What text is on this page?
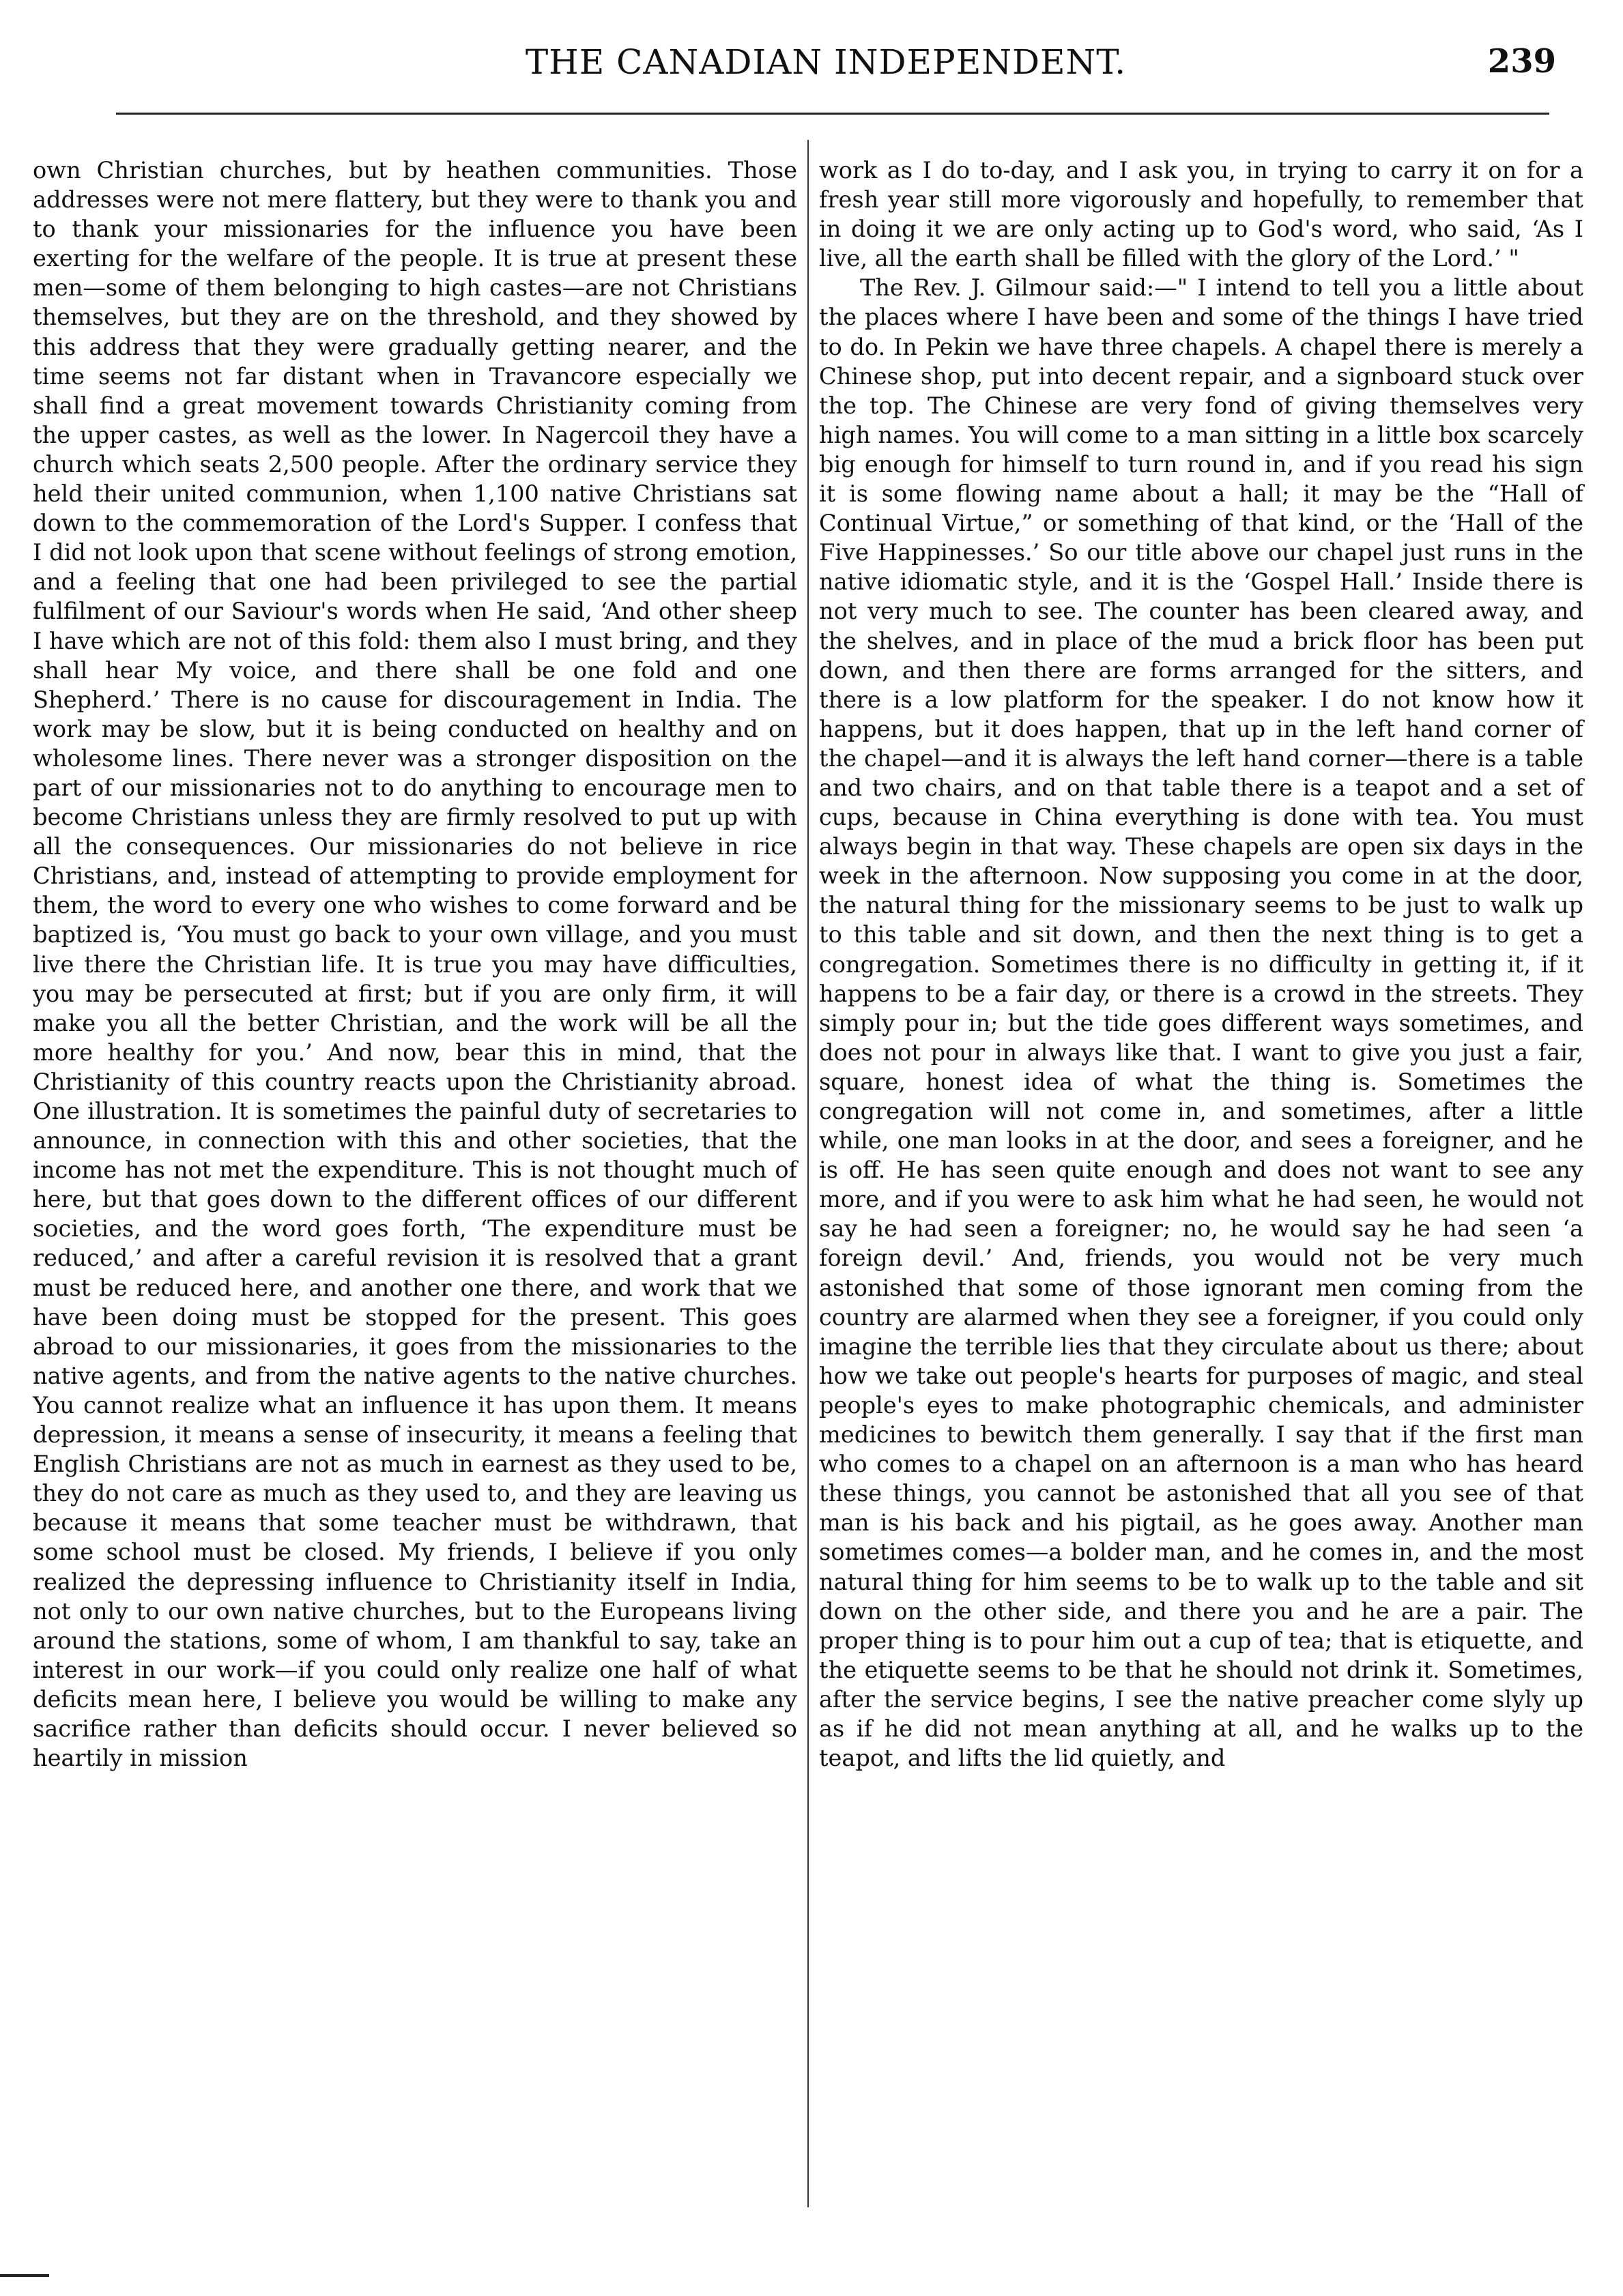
THE CANADIAN INDEPENDENT.	239

own Christian churches, but by heathen communities. Those addresses were not mere flattery, but they were to thank you and to thank your missionaries for the influence you have been exerting for the welfare of the people. It is true at present these men—some of them belonging to high castes—are not Christians themselves, but they are on the threshold, and they showed by this address that they were gradually getting nearer, and the time seems not far distant when in Travancore especially we shall find a great movement towards Christianity coming from the upper castes, as well as the lower. In Nagercoil they have a church which seats 2,500 people. After the ordinary service they held their united communion, when 1,100 native Christians sat down to the commemoration of the Lord's Supper. I confess that I did not look upon that scene without feelings of strong emotion, and a feeling that one had been privileged to see the partial fulfilment of our Saviour's words when He said, ‘And other sheep I have which are not of this fold: them also I must bring, and they shall hear My voice, and there shall be one fold and one Shepherd.’ There is no cause for discouragement in India. The work may be slow, but it is being conducted on healthy and on wholesome lines. There never was a stronger disposition on the part of our missionaries not to do anything to encourage men to become Christians unless they are firmly resolved to put up with all the consequences. Our missionaries do not believe in rice Christians, and, instead of attempting to provide employment for them, the word to every one who wishes to come forward and be baptized is, ‘You must go back to your own village, and you must live there the Christian life. It is true you may have difficulties, you may be persecuted at first; but if you are only firm, it will make you all the better Christian, and the work will be all the more healthy for you.’ And now, bear this in mind, that the Christianity of this country reacts upon the Christianity abroad. One illustration. It is sometimes the painful duty of secretaries to announce, in connection with this and other societies, that the income has not met the expenditure. This is not thought much of here, but that goes down to the different offices of our different societies, and the word goes forth, ‘The expenditure must be reduced,’ and after a careful revision it is resolved that a grant must be reduced here, and another one there, and work that we have been doing must be stopped for the present. This goes abroad to our missionaries, it goes from the missionaries to the native agents, and from the native agents to the native churches. You cannot realize what an influence it has upon them. It means depression, it means a sense of insecurity, it means a feeling that English Christians are not as much in earnest as they used to be, they do not care as much as they used to, and they are leaving us because it means that some teacher must be withdrawn, that some school must be closed. My friends, I believe if you only realized the depressing influence to Christianity itself in India, not only to our own native churches, but to the Europeans living around the stations, some of whom, I am thankful to say, take an interest in our work—if you could only realize one half of what deficits mean here, I believe you would be willing to make any sacrifice rather than deficits should occur. I never believed so heartily in mission

work as I do to-day, and I ask you, in trying to carry it on for a fresh year still more vigorously and hopefully, to remember that in doing it we are only acting up to God's word, who said, ‘As I live, all the earth shall be filled with the glory of the Lord.’ "

The Rev. J. Gilmour said:—" I intend to tell you a little about the places where I have been and some of the things I have tried to do. In Pekin we have three chapels. A chapel there is merely a Chinese shop, put into decent repair, and a signboard stuck over the top. The Chinese are very fond of giving themselves very high names. You will come to a man sitting in a little box scarcely big enough for himself to turn round in, and if you read his sign it is some flowing name about a hall; it may be the “Hall of Continual Virtue,” or something of that kind, or the ‘Hall of the Five Happinesses.’ So our title above our chapel just runs in the native idiomatic style, and it is the ‘Gospel Hall.’ Inside there is not very much to see. The counter has been cleared away, and the shelves, and in place of the mud a brick floor has been put down, and then there are forms arranged for the sitters, and there is a low platform for the speaker. I do not know how it happens, but it does happen, that up in the left hand corner of the chapel—and it is always the left hand corner—there is a table and two chairs, and on that table there is a teapot and a set of cups, because in China everything is done with tea. You must always begin in that way. These chapels are open six days in the week in the afternoon. Now supposing you come in at the door, the natural thing for the missionary seems to be just to walk up to this table and sit down, and then the next thing is to get a congregation. Sometimes there is no difficulty in getting it, if it happens to be a fair day, or there is a crowd in the streets. They simply pour in; but the tide goes different ways sometimes, and does not pour in always like that. I want to give you just a fair, square, honest idea of what the thing is. Sometimes the congregation will not come in, and sometimes, after a little while, one man looks in at the door, and sees a foreigner, and he is off. He has seen quite enough and does not want to see any more, and if you were to ask him what he had seen, he would not say he had seen a foreigner; no, he would say he had seen ‘a foreign devil.’ And, friends, you would not be very much astonished that some of those ignorant men coming from the country are alarmed when they see a foreigner, if you could only imagine the terrible lies that they circulate about us there; about how we take out people's hearts for purposes of magic, and steal people's eyes to make photographic chemicals, and administer medicines to bewitch them generally. I say that if the first man who comes to a chapel on an afternoon is a man who has heard these things, you cannot be astonished that all you see of that man is his back and his pigtail, as he goes away. Another man sometimes comes—a bolder man, and he comes in, and the most natural thing for him seems to be to walk up to the table and sit down on the other side, and there you and he are a pair. The proper thing is to pour him out a cup of tea; that is etiquette, and the etiquette seems to be that he should not drink it. Sometimes, after the service begins, I see the native preacher come slyly up as if he did not mean anything at all, and he walks up to the teapot, and lifts the lid quietly, and
